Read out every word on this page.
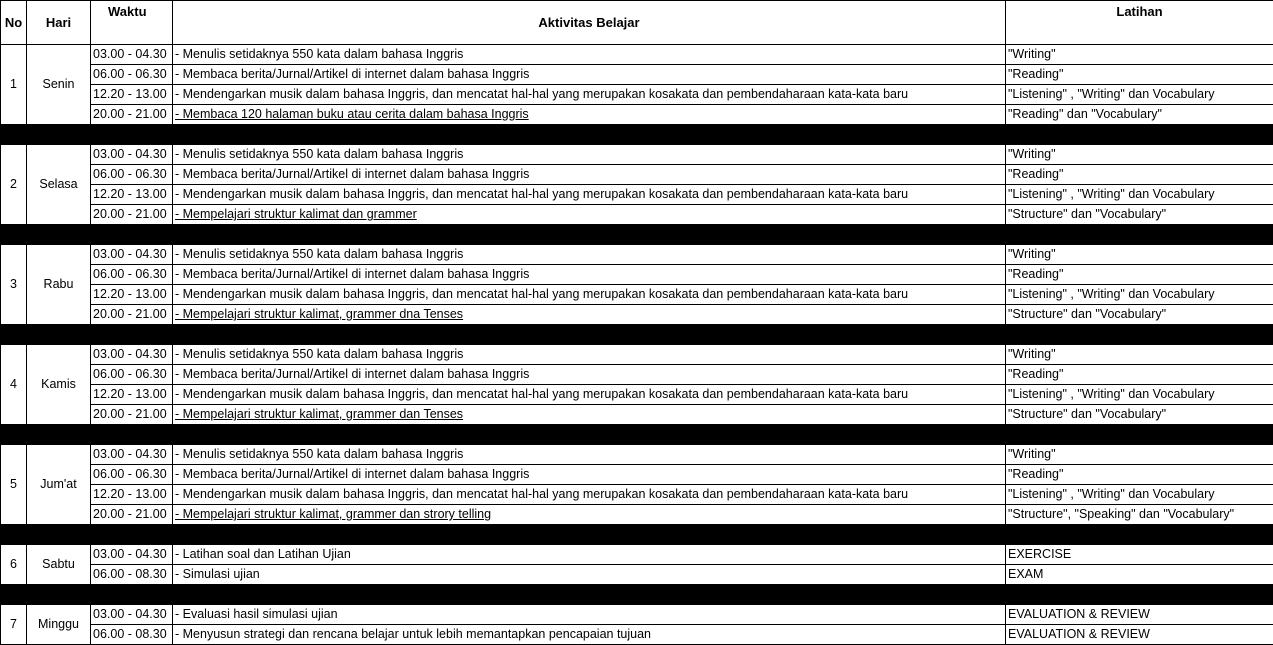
No	Hari	Waktu	Aktivitas Belajar	Latihan
1	Senin	03.00 - 04.30	- Menulis setidaknya 550 kata dalam bahasa Inggris	"Writing"
		06.00 - 06.30	- Membaca berita/Jurnal/Artikel di internet dalam bahasa Inggris	"Reading"
		12.20 - 13.00	- Mendengarkan musik dalam bahasa Inggris, dan mencatat hal-hal yang merupakan kosakata dan pembendaharaan kata-kata baru	"Listening" , "Writing" dan Vocabulary
		20.00 - 21.00	- Membaca 120 halaman buku atau cerita dalam bahasa Inggris	"Reading" dan "Vocabulary"

2	Selasa	03.00 - 04.30	- Menulis setidaknya 550 kata dalam bahasa Inggris	"Writing"
		06.00 - 06.30	- Membaca berita/Jurnal/Artikel di internet dalam bahasa Inggris	"Reading"
		12.20 - 13.00	- Mendengarkan musik dalam bahasa Inggris, dan mencatat hal-hal yang merupakan kosakata dan pembendaharaan kata-kata baru	"Listening" , "Writing" dan Vocabulary
		20.00 - 21.00	- Mempelajari struktur kalimat dan grammer	"Structure" dan "Vocabulary"

3	Rabu	03.00 - 04.30	- Menulis setidaknya 550 kata dalam bahasa Inggris	"Writing"
		06.00 - 06.30	- Membaca berita/Jurnal/Artikel di internet dalam bahasa Inggris	"Reading"
		12.20 - 13.00	- Mendengarkan musik dalam bahasa Inggris, dan mencatat hal-hal yang merupakan kosakata dan pembendaharaan kata-kata baru	"Listening" , "Writing" dan Vocabulary
		20.00 - 21.00	- Mempelajari struktur kalimat, grammer dna Tenses	"Structure" dan "Vocabulary"

4	Kamis	03.00 - 04.30	- Menulis setidaknya 550 kata dalam bahasa Inggris	"Writing"
		06.00 - 06.30	- Membaca berita/Jurnal/Artikel di internet dalam bahasa Inggris	"Reading"
		12.20 - 13.00	- Mendengarkan musik dalam bahasa Inggris, dan mencatat hal-hal yang merupakan kosakata dan pembendaharaan kata-kata baru	"Listening" , "Writing" dan Vocabulary
		20.00 - 21.00	- Mempelajari struktur kalimat, grammer dan Tenses	"Structure" dan "Vocabulary"

5	Jum'at	03.00 - 04.30	- Menulis setidaknya 550 kata dalam bahasa Inggris	"Writing"
		06.00 - 06.30	- Membaca berita/Jurnal/Artikel di internet dalam bahasa Inggris	"Reading"
		12.20 - 13.00	- Mendengarkan musik dalam bahasa Inggris, dan mencatat hal-hal yang merupakan kosakata dan pembendaharaan kata-kata baru	"Listening" , "Writing" dan Vocabulary
		20.00 - 21.00	- Mempelajari struktur kalimat, grammer dan strory telling	"Structure", "Speaking" dan "Vocabulary"

6	Sabtu	03.00 - 04.30	- Latihan soal dan Latihan Ujian	EXERCISE
		06.00 - 08.30	- Simulasi ujian	EXAM

7	Minggu	03.00 - 04.30	- Evaluasi hasil simulasi ujian	EVALUATION & REVIEW
		06.00 - 08.30	- Menyusun strategi dan rencana belajar untuk lebih memantapkan pencapaian tujuan	EVALUATION & REVIEW
